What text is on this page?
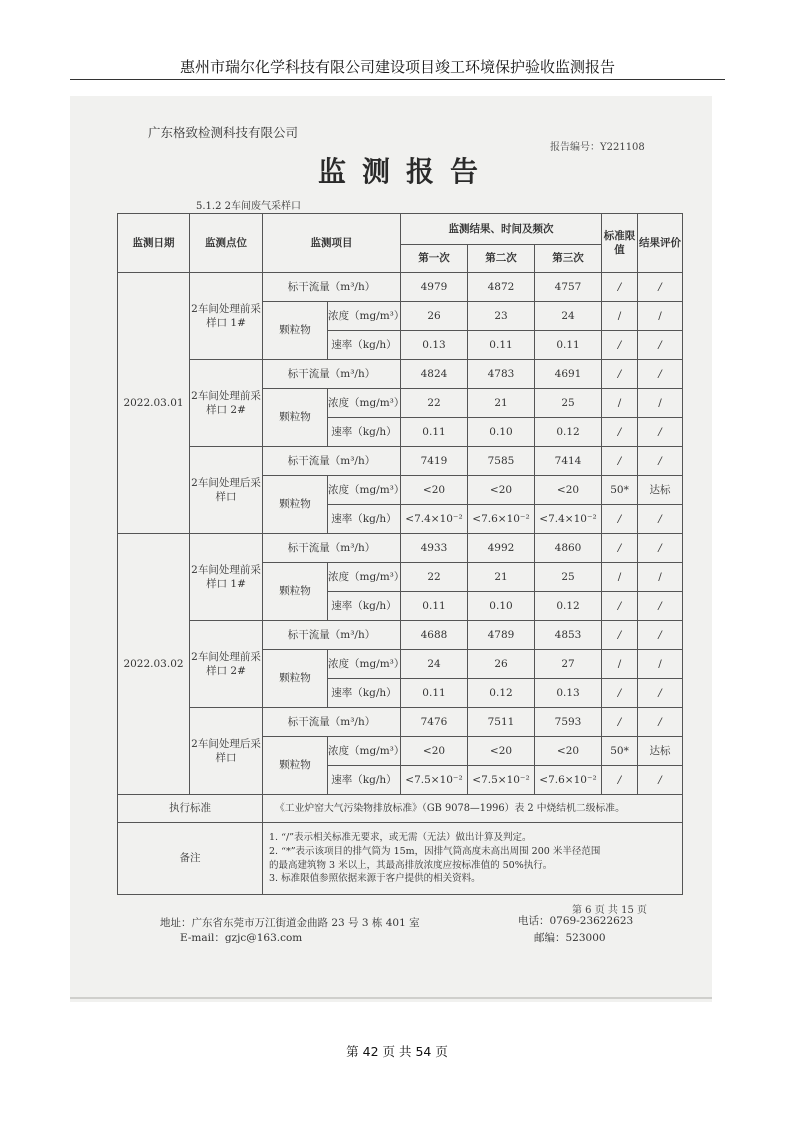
惠州市瑞尔化学科技有限公司建设项目竣工环境保护验收监测报告
广东格致检测科技有限公司
报告编号：Y221108
监测报告
5.1.2 2车间废气采样口
监测日期	监测点位	监测项目		监测结果、时间及频次			标准限值	结果评价
				第一次	第二次	第三次		
2022.03.01	2车间处理前采样口 1#	标干流量（m³/h）		4979	4872	4757	/	/
		颗粒物	浓度（mg/m³）	26	23	24	/	/
			速率（kg/h）	0.13	0.11	0.11	/	/
	2车间处理前采样口 2#	标干流量（m³/h）		4824	4783	4691	/	/
		颗粒物	浓度（mg/m³）	22	21	25	/	/
			速率（kg/h）	0.11	0.10	0.12	/	/
	2车间处理后采样口	标干流量（m³/h）		7419	7585	7414	/	/
		颗粒物	浓度（mg/m³）	<20	<20	<20	50*	达标
			速率（kg/h）	<7.4×10⁻²	<7.6×10⁻²	<7.4×10⁻²	/	/
2022.03.02	2车间处理前采样口 1#	标干流量（m³/h）		4933	4992	4860	/	/
		颗粒物	浓度（mg/m³）	22	21	25	/	/
			速率（kg/h）	0.11	0.10	0.12	/	/
	2车间处理前采样口 2#	标干流量（m³/h）		4688	4789	4853	/	/
		颗粒物	浓度（mg/m³）	24	26	27	/	/
			速率（kg/h）	0.11	0.12	0.13	/	/
	2车间处理后采样口	标干流量（m³/h）		7476	7511	7593	/	/
		颗粒物	浓度（mg/m³）	<20	<20	<20	50*	达标
			速率（kg/h）	<7.5×10⁻²	<7.5×10⁻²	<7.6×10⁻²	/	/
执行标准		《工业炉窑大气污染物排放标准》（GB 9078—1996）表 2 中烧结机二级标准。						
备注		1. “/”表示相关标准无要求，或无需（无法）做出计算及判定。
2. “*”表示该项目的排气筒为 15m，因排气筒高度未高出周围 200 米半径范围
的最高建筑物 3 米以上，其最高排放浓度应按标准值的 50%执行。
3. 标准限值参照依据来源于客户提供的相关资料。						
第 6 页 共 15 页
地址：广东省东莞市万江街道金曲路 23 号 3 栋 401 室
E-mail：gzjc@163.com
电话：0769-23622623
邮编：523000
第 42 页 共 54 页
